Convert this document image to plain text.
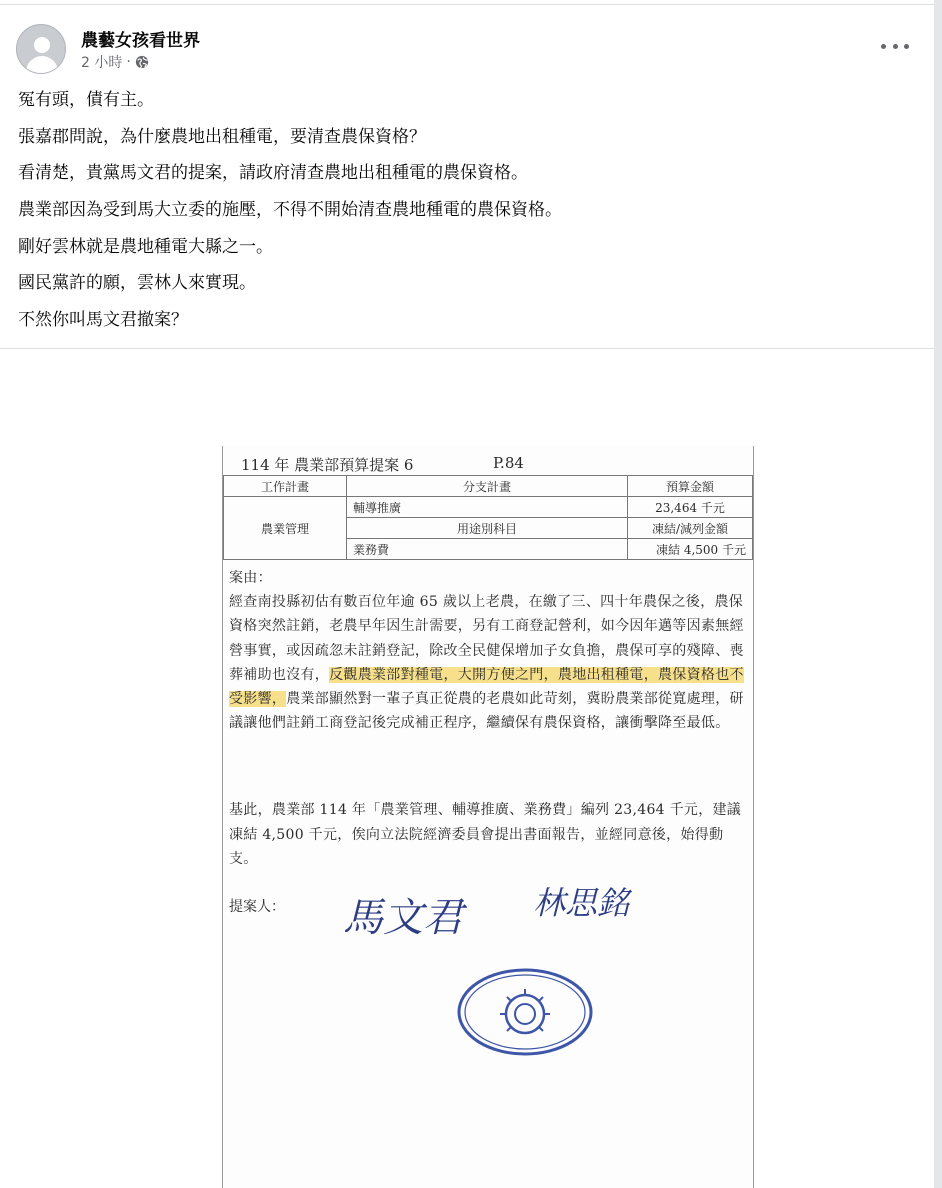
農藝女孩看世界
2 小時 ·
冤有頭，債有主。
張嘉郡問說，為什麼農地出租種電，要清查農保資格？
看清楚，貴黨馬文君的提案，請政府清查農地出租種電的農保資格。
農業部因為受到馬大立委的施壓，不得不開始清查農地種電的農保資格。
剛好雲林就是農地種電大縣之一。
國民黨許的願，雲林人來實現。
不然你叫馬文君撤案？
114 年 農業部預算提案 6	P.84
工作計畫	分支計畫	預算金額
農業管理	輔導推廣	23,464 千元
	用途別科目	凍結/減列金額
	業務費	凍結 4,500 千元
案由：
經查南投縣初估有數百位年逾 65 歲以上老農，在繳了三、四十年農保之後，農保資格突然註銷，老農早年因生計需要，另有工商登記營利，如今因年邁等因素無經營事實，或因疏忽未註銷登記，除改全民健保增加子女負擔，農保可享的殘障、喪葬補助也沒有，反觀農業部對種電，大開方便之門，農地出租種電，農保資格也不受影響，農業部顯然對一輩子真正從農的老農如此苛刻，冀盼農業部從寬處理，研議讓他們註銷工商登記後完成補正程序，繼續保有農保資格，讓衝擊降至最低。
基此，農業部 114 年「農業管理、輔導推廣、業務費」編列 23,464 千元，建議凍結 4,500 千元，俟向立法院經濟委員會提出書面報告，並經同意後，始得動支。
提案人： 馬文君 林思銘
